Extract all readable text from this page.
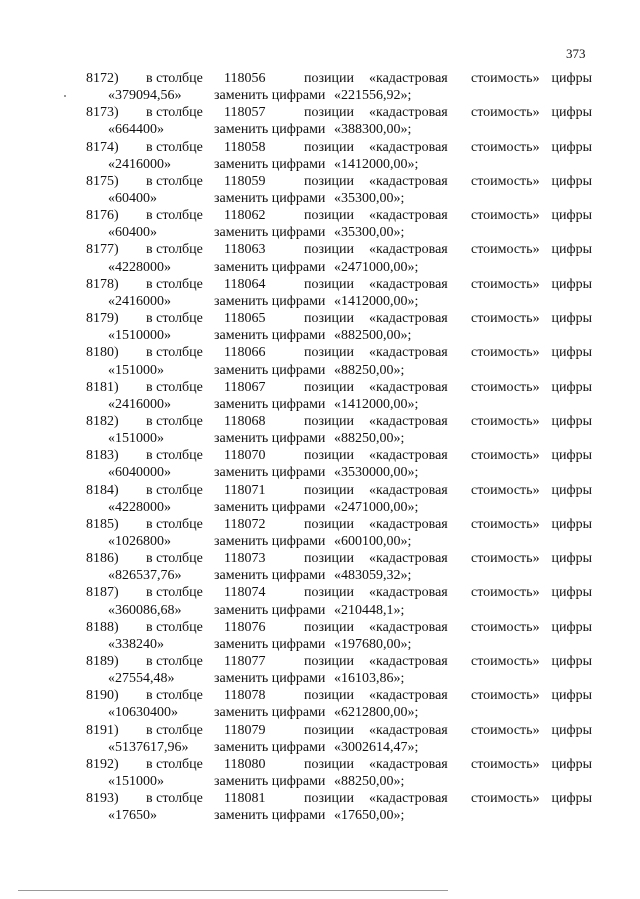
373
8172) в столбце 118056	позиции «кадастровая стоимость» цифры
«379094,56» заменить цифрами «221556,92»;
8173) в столбце 118057	позиции «кадастровая стоимость» цифры
«664400»	заменить цифрами «388300,00»;
8174) в столбце 118058	позиции «кадастровая стоимость» цифры
«2416000»	заменить цифрами «1412000,00»;
8175) в столбце 118059	позиции «кадастровая стоимость» цифры
«60400»	заменить цифрами «35300,00»;
8176) в столбце 118062	позиции «кадастровая стоимость» цифры
«60400»	заменить цифрами «35300,00»;
8177) в столбце 118063	позиции «кадастровая стоимость» цифры
«4228000»	заменить цифрами «2471000,00»;
8178) в столбце 118064	позиции «кадастровая стоимость» цифры
«2416000»	заменить цифрами «1412000,00»;
8179) в столбце 118065	позиции «кадастровая стоимость» цифры
«1510000»	заменить цифрами «882500,00»;
8180) в столбце 118066	позиции «кадастровая стоимость» цифры
«151000»	заменить цифрами «88250,00»;
8181) в столбце 118067	позиции «кадастровая стоимость» цифры
«2416000»	заменить цифрами «1412000,00»;
8182) в столбце 118068	позиции «кадастровая стоимость» цифры
«151000»	заменить цифрами «88250,00»;
8183) в столбце 118070	позиции «кадастровая стоимость» цифры
«6040000»	заменить цифрами «3530000,00»;
8184) в столбце 118071	позиции «кадастровая стоимость» цифры
«4228000»	заменить цифрами «2471000,00»;
8185) в столбце 118072	позиции «кадастровая стоимость» цифры
«1026800»	заменить цифрами «600100,00»;
8186) в столбце 118073	позиции «кадастровая стоимость» цифры
«826537,76» заменить цифрами «483059,32»;
8187) в столбце 118074	позиции «кадастровая стоимость» цифры
«360086,68» заменить цифрами «210448,1»;
8188) в столбце 118076	позиции «кадастровая стоимость» цифры
«338240»	заменить цифрами «197680,00»;
8189) в столбце 118077	позиции «кадастровая стоимость» цифры
«27554,48»	заменить цифрами «16103,86»;
8190) в столбце 118078	позиции «кадастровая стоимость» цифры
«10630400»	заменить цифрами «6212800,00»;
8191) в столбце 118079	позиции «кадастровая стоимость» цифры
«5137617,96» заменить цифрами «3002614,47»;
8192) в столбце 118080	позиции «кадастровая стоимость» цифры
«151000»	заменить цифрами «88250,00»;
8193) в столбце 118081	позиции «кадастровая стоимость» цифры
«17650»	заменить цифрами «17650,00»;
